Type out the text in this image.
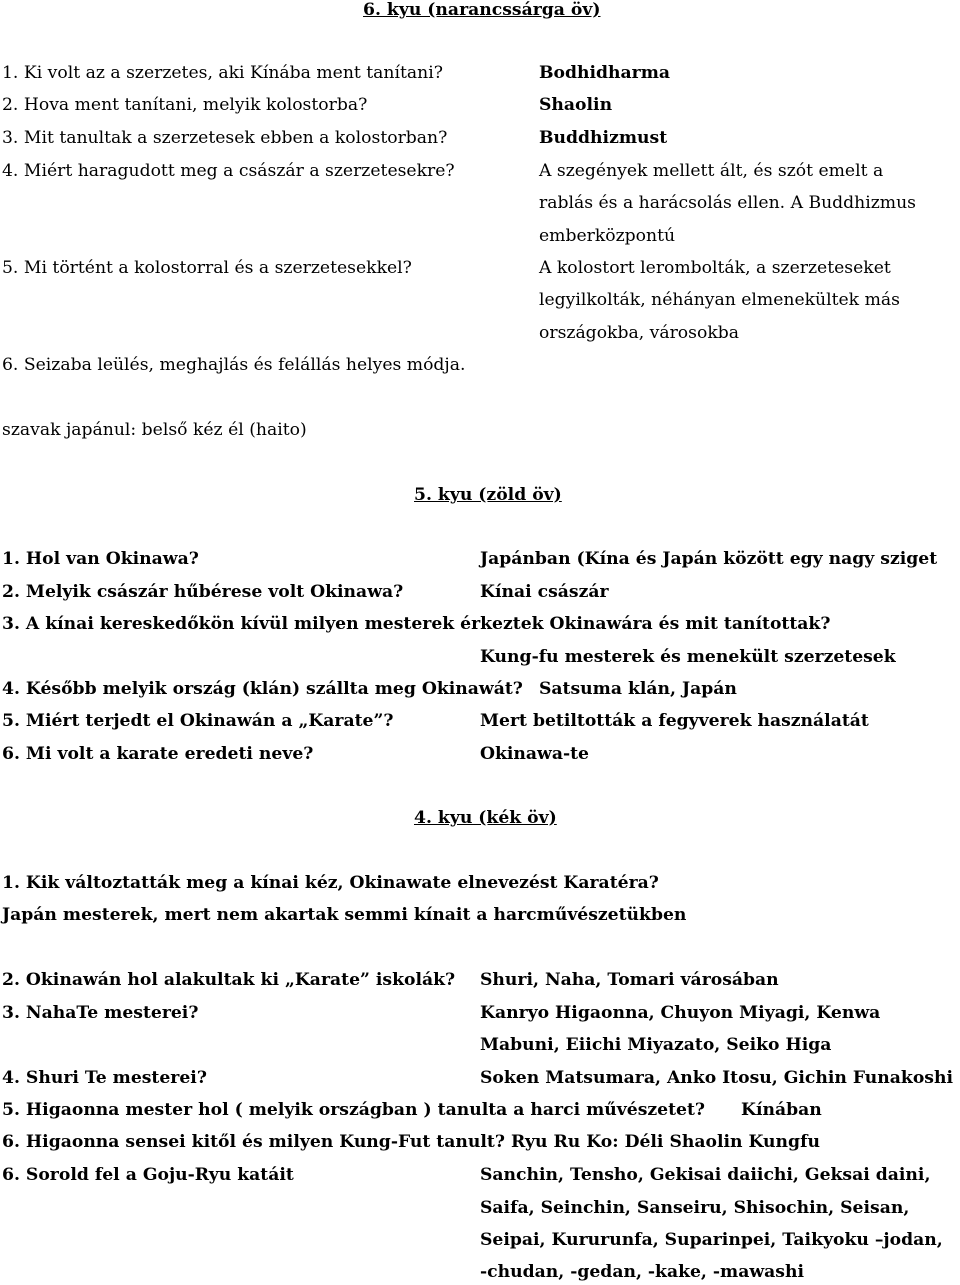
6. kyu (narancssárga öv)
1. Ki volt az a szerzetes, aki Kínába ment tanítani?	Bodhidharma
2. Hova ment tanítani, melyik kolostorba?	Shaolin
3. Mit tanultak a szerzetesek ebben a kolostorban?	Buddhizmust
4. Miért haragudott meg a császár a szerzetesekre?	A szegények mellett ált, és szót emelt a
rablás és a harácsolás ellen. A Buddhizmus
emberközpontú
5. Mi történt a kolostorral és a szerzetesekkel?	A kolostort lerombolták, a szerzeteseket
legyilkolták, néhányan elmenekültek más
országokba, városokba
6. Seizaba leülés, meghajlás és felállás helyes módja.
szavak japánul: belső kéz él (haito)
5. kyu (zöld öv)
1. Hol van Okinawa?	Japánban (Kína és Japán között egy nagy sziget
2. Melyik császár hűbérese volt Okinawa?	Kínai császár
3. A kínai kereskedőkön kívül milyen mesterek érkeztek Okinawára és mit tanítottak?
Kung-fu mesterek és menekült szerzetesek
4. Később melyik ország (klán) szállta meg Okinawát? Satsuma klán, Japán
5. Miért terjedt el Okinawán a „Karate”?	Mert betiltották a fegyverek használatát
6. Mi volt a karate eredeti neve?	Okinawa-te
4. kyu (kék öv)
1. Kik változtatták meg a kínai kéz, Okinawate elnevezést Karatéra?
Japán mesterek, mert nem akartak semmi kínait a harcművészetükben
2. Okinawán hol alakultak ki „Karate” iskolák? Shuri, Naha, Tomari városában
3. NahaTe mesterei?	Kanryo Higaonna, Chuyon Miyagi, Kenwa
Mabuni, Eiichi Miyazato, Seiko Higa
4. Shuri Te mesterei?	Soken Matsumara, Anko Itosu, Gichin Funakoshi
5. Higaonna mester hol ( melyik országban ) tanulta a harci művészetet? Kínában
6. Higaonna sensei kitől és milyen Kung-Fut tanult? Ryu Ru Ko: Déli Shaolin Kungfu
6. Sorold fel a Goju-Ryu katáit	Sanchin, Tensho, Gekisai daiichi, Geksai daini,
Saifa, Seinchin, Sanseiru, Shisochin, Seisan,
Seipai, Kururunfa, Suparinpei, Taikyoku –jodan,
-chudan, -gedan, -kake, -mawashi
